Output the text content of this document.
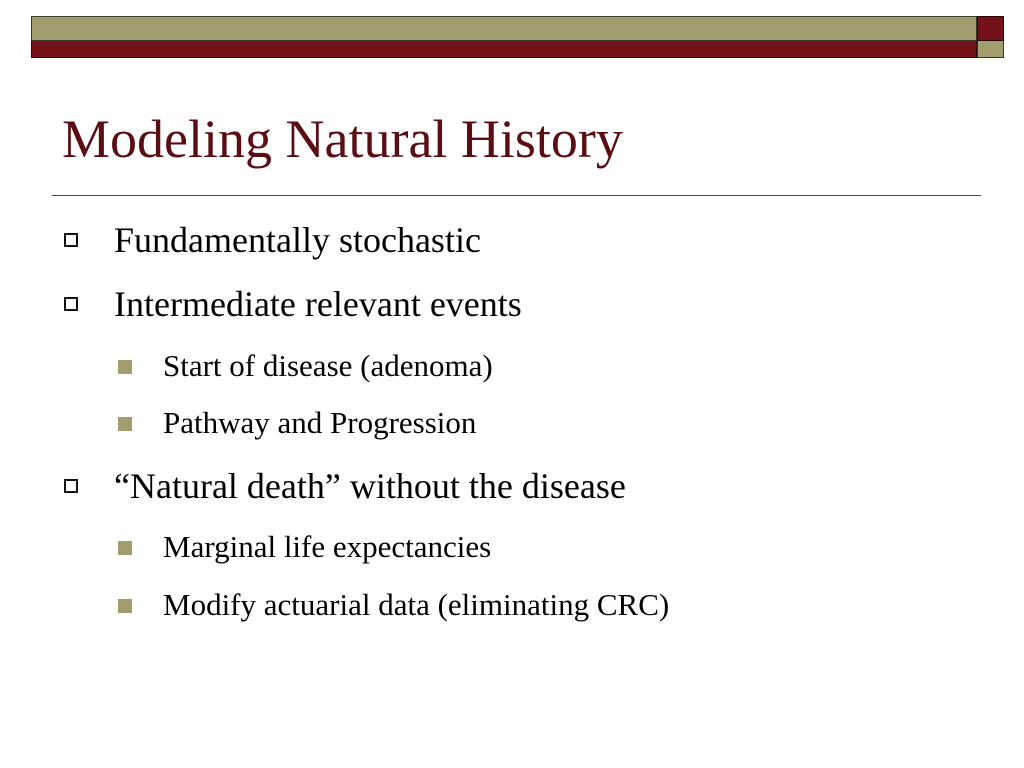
Modeling Natural History
Fundamentally stochastic
Intermediate relevant events
Start of disease (adenoma)
Pathway and Progression
“Natural death” without the disease
Marginal life expectancies
Modify actuarial data (eliminating CRC)
